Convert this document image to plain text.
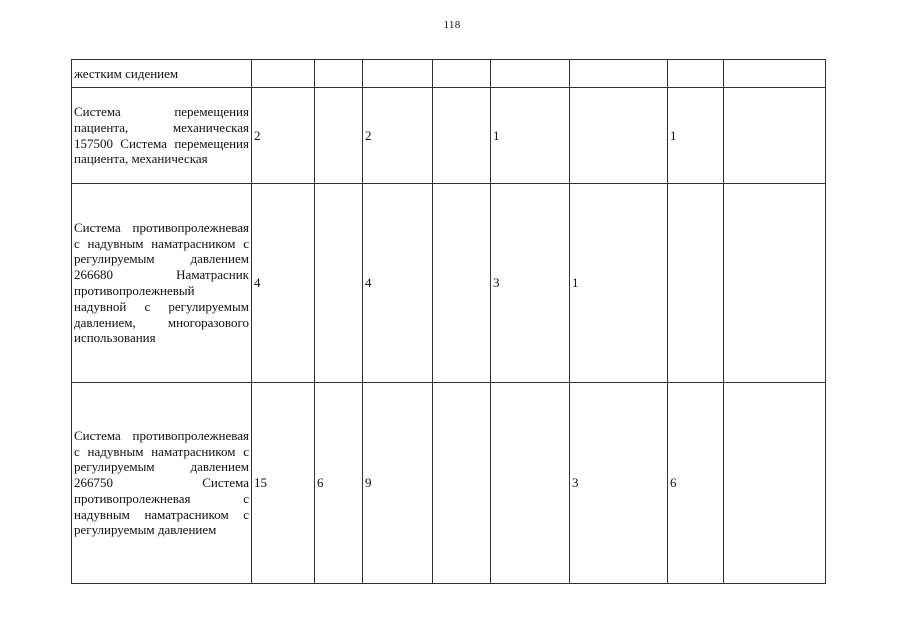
118
жестким сидением								
Система перемещения пациента, механическая 157500 Система перемещения пациента, механическая	2		2		1		1	
Система противопролежневая с надувным наматрасником с регулируемым давлением 266680 Наматрасник противопролежневый надувной с регулируемым давлением, многоразового использования	4		4		3	1		
Система противопролежневая с надувным наматрасником с регулируемым давлением 266750 Система противопролежневая с надувным наматрасником с регулируемым давлением	15	6	9			3	6	
